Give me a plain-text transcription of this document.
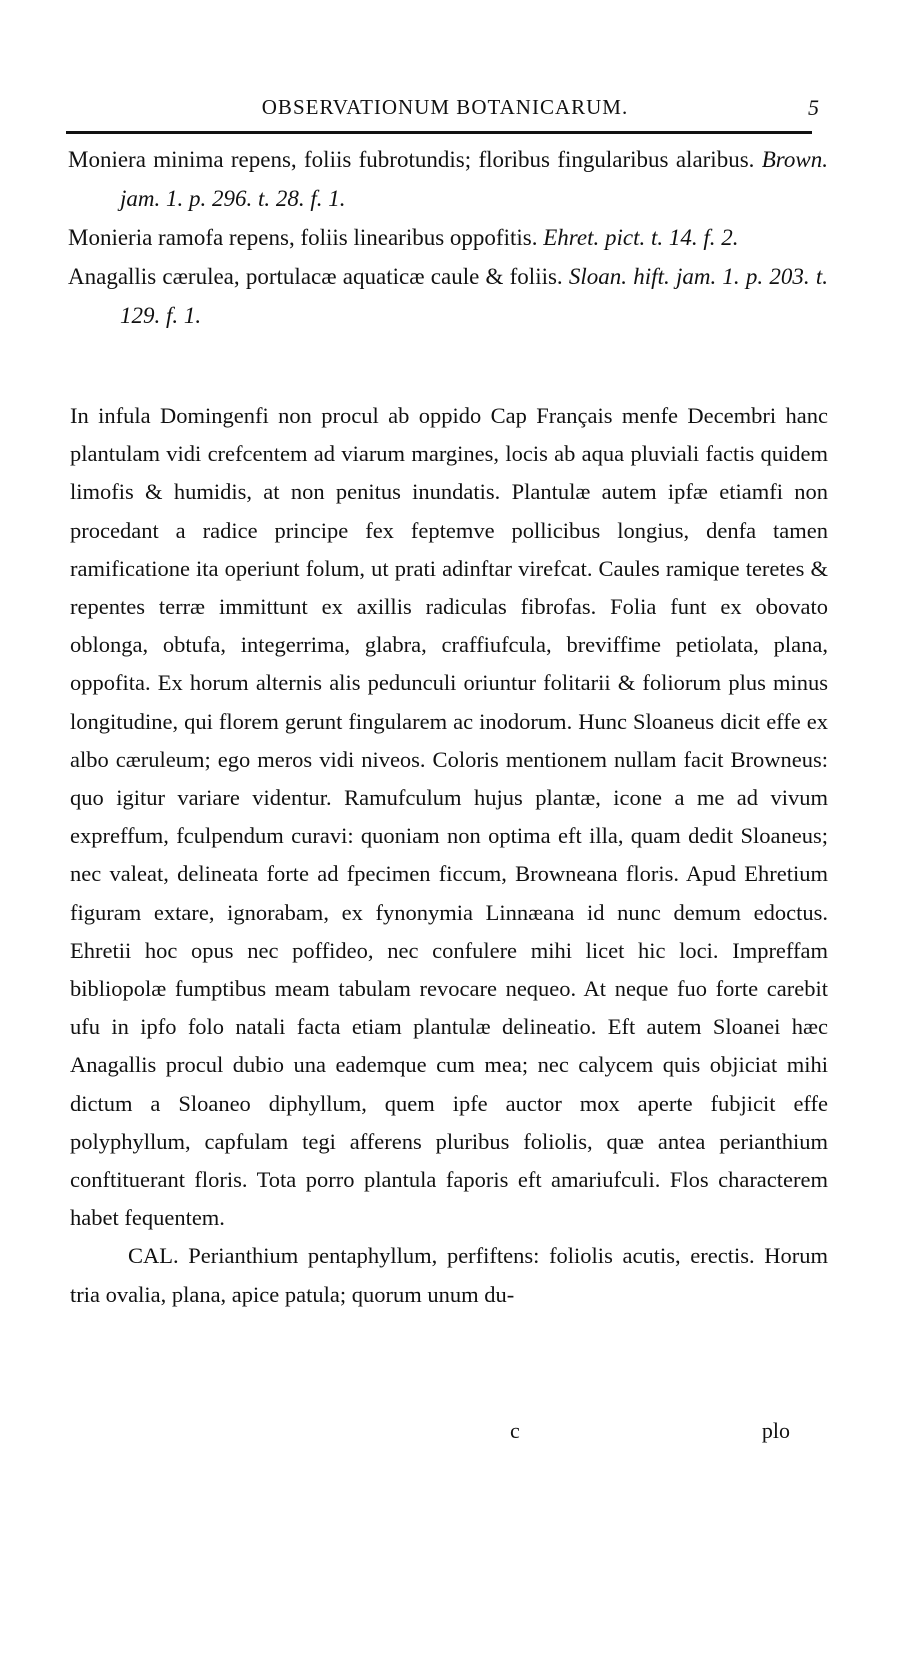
OBSERVATIONUM BOTANICARUM.	5

Moniera minima repens, foliis fubrotundis; floribus fingularibus alaribus. Brown. jam. 1. p. 296. t. 28. f. 1.

Monieria ramofa repens, foliis linearibus oppofitis. Ehret. pict. t. 14. f. 2.

Anagallis cærulea, portulacæ aquaticæ caule & foliis. Sloan. hift. jam. 1. p. 203. t. 129. f. 1.

In infula Domingenfi non procul ab oppido Cap Français menfe Decembri hanc plantulam vidi crefcentem ad viarum margines, locis ab aqua pluviali factis quidem limofis & humidis, at non penitus inundatis. Plantulæ autem ipfæ etiamfi non procedant a radice principe fex feptemve pollicibus longius, denfa tamen ramificatione ita operiunt folum, ut prati adinftar virefcat. Caules ramique teretes & repentes terræ immittunt ex axillis radiculas fibrofas. Folia funt ex obovato oblonga, obtufa, integerrima, glabra, craffiufcula, breviffime petiolata, plana, oppofita. Ex horum alternis alis pedunculi oriuntur folitarii & foliorum plus minus longitudine, qui florem gerunt fingularem ac inodorum. Hunc Sloaneus dicit effe ex albo cæruleum; ego meros vidi niveos. Coloris mentionem nullam facit Browneus: quo igitur variare videntur. Ramufculum hujus plantæ, icone a me ad vivum expreffum, fculpendum curavi: quoniam non optima eft illa, quam dedit Sloaneus; nec valeat, delineata forte ad fpecimen ficcum, Browneana floris. Apud Ehretium figuram extare, ignorabam, ex fynonymia Linnæana id nunc demum edoctus. Ehretii hoc opus nec poffideo, nec confulere mihi licet hic loci. Impreffam bibliopolæ fumptibus meam tabulam revocare nequeo. At neque fuo forte carebit ufu in ipfo folo natali facta etiam plantulæ delineatio. Eft autem Sloanei hæc Anagallis procul dubio una eademque cum mea; nec calycem quis objiciat mihi dictum a Sloaneo diphyllum, quem ipfe auctor mox aperte fubjicit effe polyphyllum, capfulam tegi afferens pluribus foliolis, quæ antea perianthium conftituerant floris. Tota porro plantula faporis eft amariufculi. Flos characterem habet fequentem.

CAL. Perianthium pentaphyllum, perfiftens: foliolis acutis, erectis. Horum tria ovalia, plana, apice patula; quorum unum du-

c	plo
